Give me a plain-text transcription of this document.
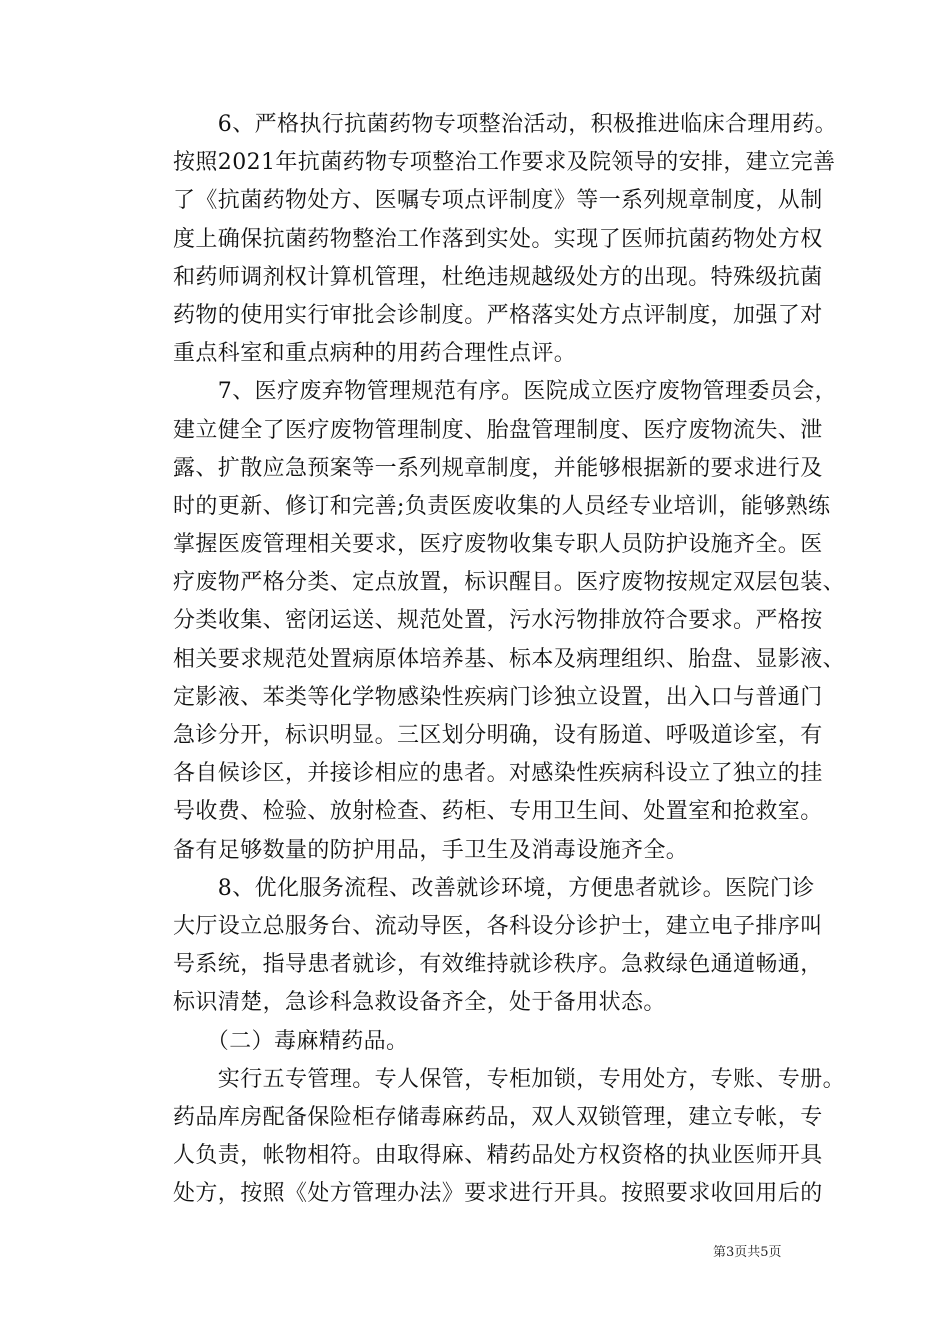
　　6、严格执行抗菌药物专项整治活动，积极推进临床合理用药。
按照2021年抗菌药物专项整治工作要求及院领导的安排，建立完善
了《抗菌药物处方、医嘱专项点评制度》等一系列规章制度，从制
度上确保抗菌药物整治工作落到实处。实现了医师抗菌药物处方权
和药师调剂权计算机管理，杜绝违规越级处方的出现。特殊级抗菌
药物的使用实行审批会诊制度。严格落实处方点评制度，加强了对
重点科室和重点病种的用药合理性点评。
　　7、医疗废弃物管理规范有序。医院成立医疗废物管理委员会，
建立健全了医疗废物管理制度、胎盘管理制度、医疗废物流失、泄
露、扩散应急预案等一系列规章制度，并能够根据新的要求进行及
时的更新、修订和完善;负责医废收集的人员经专业培训，能够熟练
掌握医废管理相关要求，医疗废物收集专职人员防护设施齐全。医
疗废物严格分类、定点放置，标识醒目。医疗废物按规定双层包装、
分类收集、密闭运送、规范处置，污水污物排放符合要求。严格按
相关要求规范处置病原体培养基、标本及病理组织、胎盘、显影液、
定影液、苯类等化学物感染性疾病门诊独立设置，出入口与普通门
急诊分开，标识明显。三区划分明确，设有肠道、呼吸道诊室，有
各自候诊区，并接诊相应的患者。对感染性疾病科设立了独立的挂
号收费、检验、放射检查、药柜、专用卫生间、处置室和抢救室。
备有足够数量的防护用品，手卫生及消毒设施齐全。
　　8、优化服务流程、改善就诊环境，方便患者就诊。医院门诊
大厅设立总服务台、流动导医，各科设分诊护士，建立电子排序叫
号系统，指导患者就诊，有效维持就诊秩序。急救绿色通道畅通，
标识清楚，急诊科急救设备齐全，处于备用状态。
　　（二）毒麻精药品。
　　实行五专管理。专人保管，专柜加锁，专用处方，专账、专册。
药品库房配备保险柜存储毒麻药品，双人双锁管理，建立专帐，专
人负责，帐物相符。由取得麻、精药品处方权资格的执业医师开具
处方，按照《处方管理办法》要求进行开具。按照要求收回用后的
第3页共5页
